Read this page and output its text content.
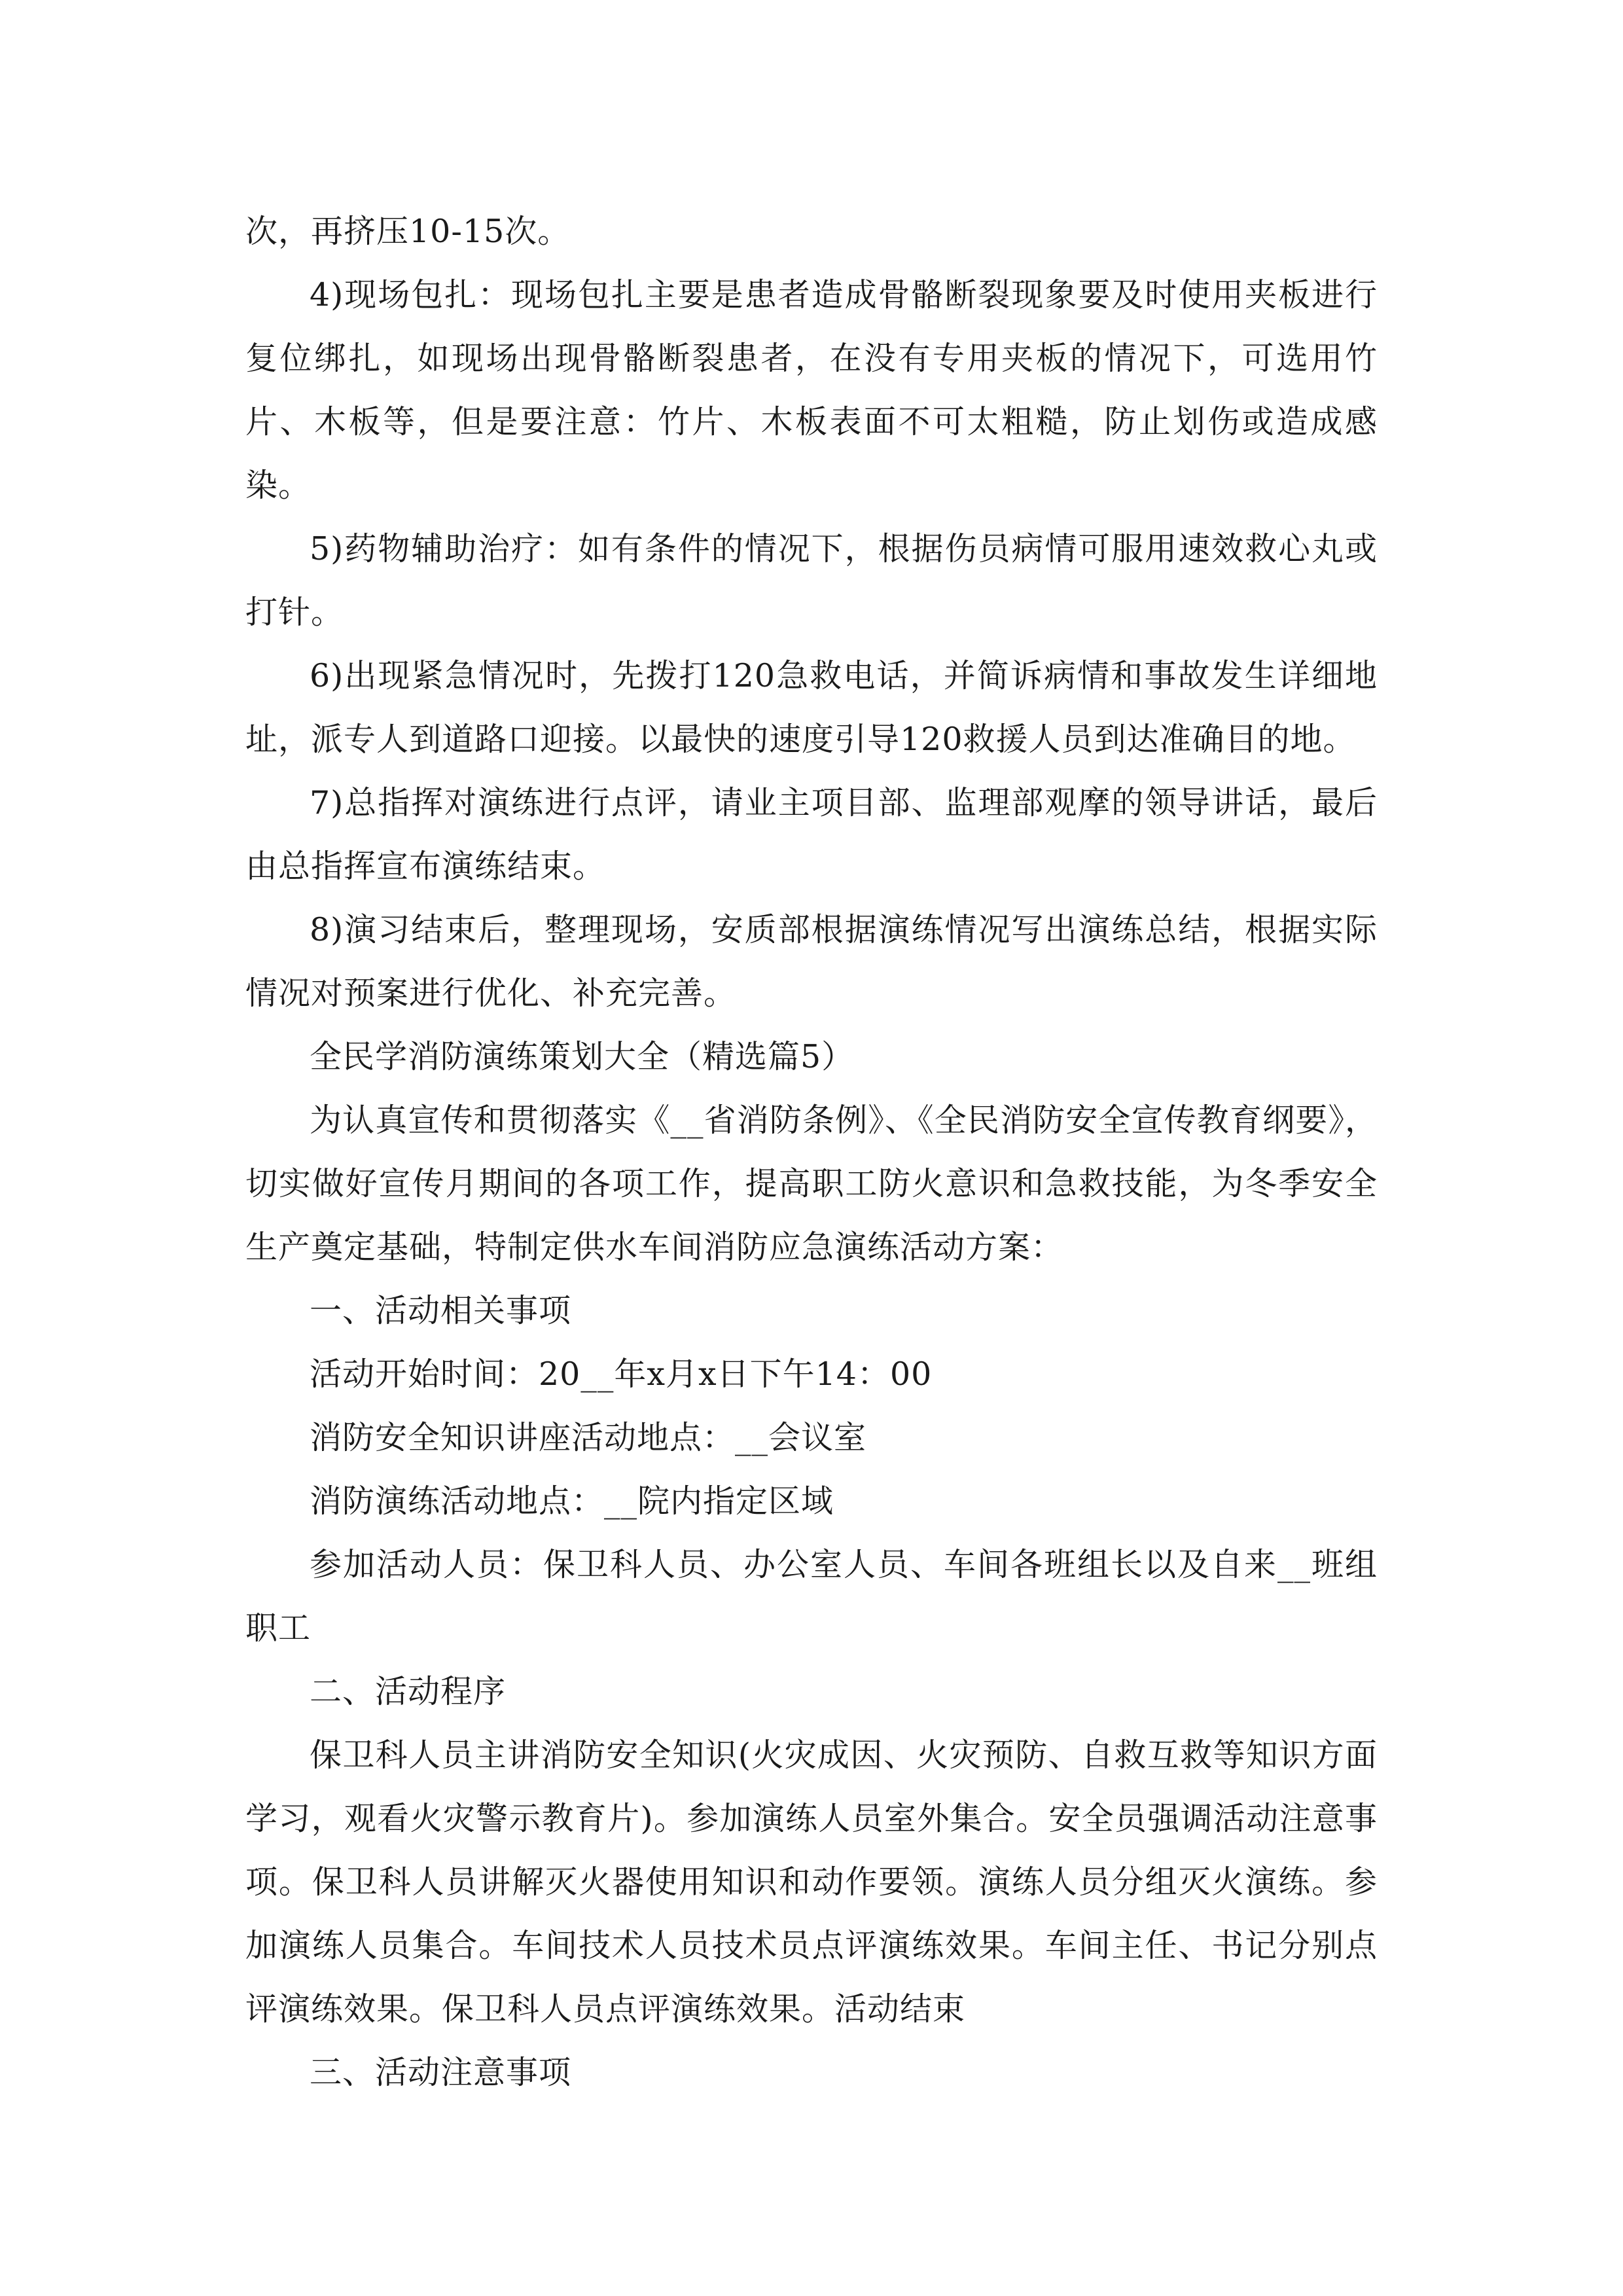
次，再挤压10-15次。

4)现场包扎：现场包扎主要是患者造成骨骼断裂现象要及时使用夹板进行复位绑扎，如现场出现骨骼断裂患者，在没有专用夹板的情况下，可选用竹片、木板等，但是要注意：竹片、木板表面不可太粗糙，防止划伤或造成感染。

5)药物辅助治疗：如有条件的情况下，根据伤员病情可服用速效救心丸或打针。

6)出现紧急情况时，先拨打120急救电话，并简诉病情和事故发生详细地址，派专人到道路口迎接。以最快的速度引导120救援人员到达准确目的地。

7)总指挥对演练进行点评，请业主项目部、监理部观摩的领导讲话，最后由总指挥宣布演练结束。

8)演习结束后，整理现场，安质部根据演练情况写出演练总结，根据实际情况对预案进行优化、补充完善。

全民学消防演练策划大全（精选篇5）

为认真宣传和贯彻落实《__省消防条例》、《全民消防安全宣传教育纲要》，切实做好宣传月期间的各项工作，提高职工防火意识和急救技能，为冬季安全生产奠定基础，特制定供水车间消防应急演练活动方案：

一、活动相关事项

活动开始时间：20__年x月x日下午14：00

消防安全知识讲座活动地点：__会议室

消防演练活动地点：__院内指定区域

参加活动人员：保卫科人员、办公室人员、车间各班组长以及自来__班组职工

二、活动程序

保卫科人员主讲消防安全知识(火灾成因、火灾预防、自救互救等知识方面学习，观看火灾警示教育片)。参加演练人员室外集合。安全员强调活动注意事项。保卫科人员讲解灭火器使用知识和动作要领。演练人员分组灭火演练。参加演练人员集合。车间技术人员技术员点评演练效果。车间主任、书记分别点评演练效果。保卫科人员点评演练效果。活动结束

三、活动注意事项
